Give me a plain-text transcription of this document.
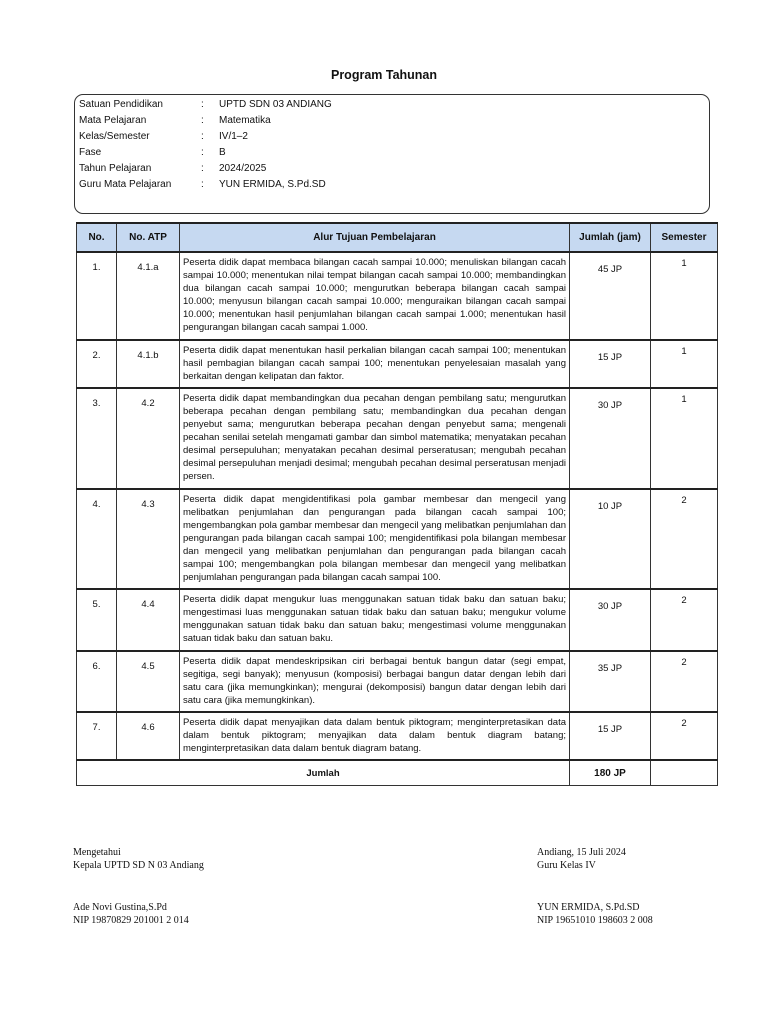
Program Tahunan
Satuan Pendidikan	: UPTD SDN 03 ANDIANG
Mata Pelajaran	: Matematika
Kelas/Semester	: IV/1–2
Fase	: B
Tahun Pelajaran	: 2024/2025
Guru Mata Pelajaran	: YUN ERMIDA, S.Pd.SD
No.	No. ATP	Alur Tujuan Pembelajaran	Jumlah (jam)	Semester
1.	4.1.a	Peserta didik dapat membaca bilangan cacah sampai 10.000; menuliskan bilangan cacah sampai 10.000; menentukan nilai tempat bilangan cacah sampai 10.000; membandingkan dua bilangan cacah sampai 10.000; mengurutkan beberapa bilangan cacah sampai 10.000; menyusun bilangan cacah sampai 10.000; menguraikan bilangan cacah sampai 10.000; menentukan hasil penjumlahan bilangan cacah sampai 1.000; menentukan hasil pengurangan bilangan cacah sampai 1.000.	45 JP	1
2.	4.1.b	Peserta didik dapat menentukan hasil perkalian bilangan cacah sampai 100; menentukan hasil pembagian bilangan cacah sampai 100; menentukan penyelesaian masalah yang berkaitan dengan kelipatan dan faktor.	15 JP	1
3.	4.2	Peserta didik dapat membandingkan dua pecahan dengan pembilang satu; mengurutkan beberapa pecahan dengan pembilang satu; membandingkan dua pecahan dengan penyebut sama; mengurutkan beberapa pecahan dengan penyebut sama; mengenali pecahan senilai setelah mengamati gambar dan simbol matematika; menyatakan pecahan desimal persepuluhan; menyatakan pecahan desimal perseratusan; mengubah pecahan desimal persepuluhan menjadi desimal; mengubah pecahan desimal perseratusan menjadi persen.	30 JP	1
4.	4.3	Peserta didik dapat mengidentifikasi pola gambar membesar dan mengecil yang melibatkan penjumlahan dan pengurangan pada bilangan cacah sampai 100; mengembangkan pola gambar membesar dan mengecil yang melibatkan penjumlahan dan pengurangan pada bilangan cacah sampai 100; mengidentifikasi pola bilangan membesar dan mengecil yang melibatkan penjumlahan dan pengurangan pada bilangan cacah sampai 100; mengembangkan pola bilangan membesar dan mengecil yang melibatkan penjumlahan pengurangan pada bilangan cacah sampai 100.	10 JP	2
5.	4.4	Peserta didik dapat mengukur luas menggunakan satuan tidak baku dan satuan baku; mengestimasi luas menggunakan satuan tidak baku dan satuan baku; mengukur volume menggunakan satuan tidak baku dan satuan baku; mengestimasi volume menggunakan satuan tidak baku dan satuan baku.	30 JP	2
6.	4.5	Peserta didik dapat mendeskripsikan ciri berbagai bentuk bangun datar (segi empat, segitiga, segi banyak); menyusun (komposisi) berbagai bangun datar dengan lebih dari satu cara (jika memungkinkan); mengurai (dekomposisi) bangun datar dengan lebih dari satu cara (jika memungkinkan).	35 JP	2
7.	4.6	Peserta didik dapat menyajikan data dalam bentuk piktogram; menginterpretasikan data dalam bentuk piktogram; menyajikan data dalam bentuk diagram batang; menginterpretasikan data dalam bentuk diagram batang.	15 JP	2
Jumlah			180 JP	
Mengetahui
Kepala UPTD SD N 03 Andiang
Ade Novi Gustina,S.Pd
NIP 19870829 201001 2 014
Andiang, 15 Juli 2024
Guru Kelas IV
YUN ERMIDA, S.Pd.SD
NIP 19651010 198603 2 008
